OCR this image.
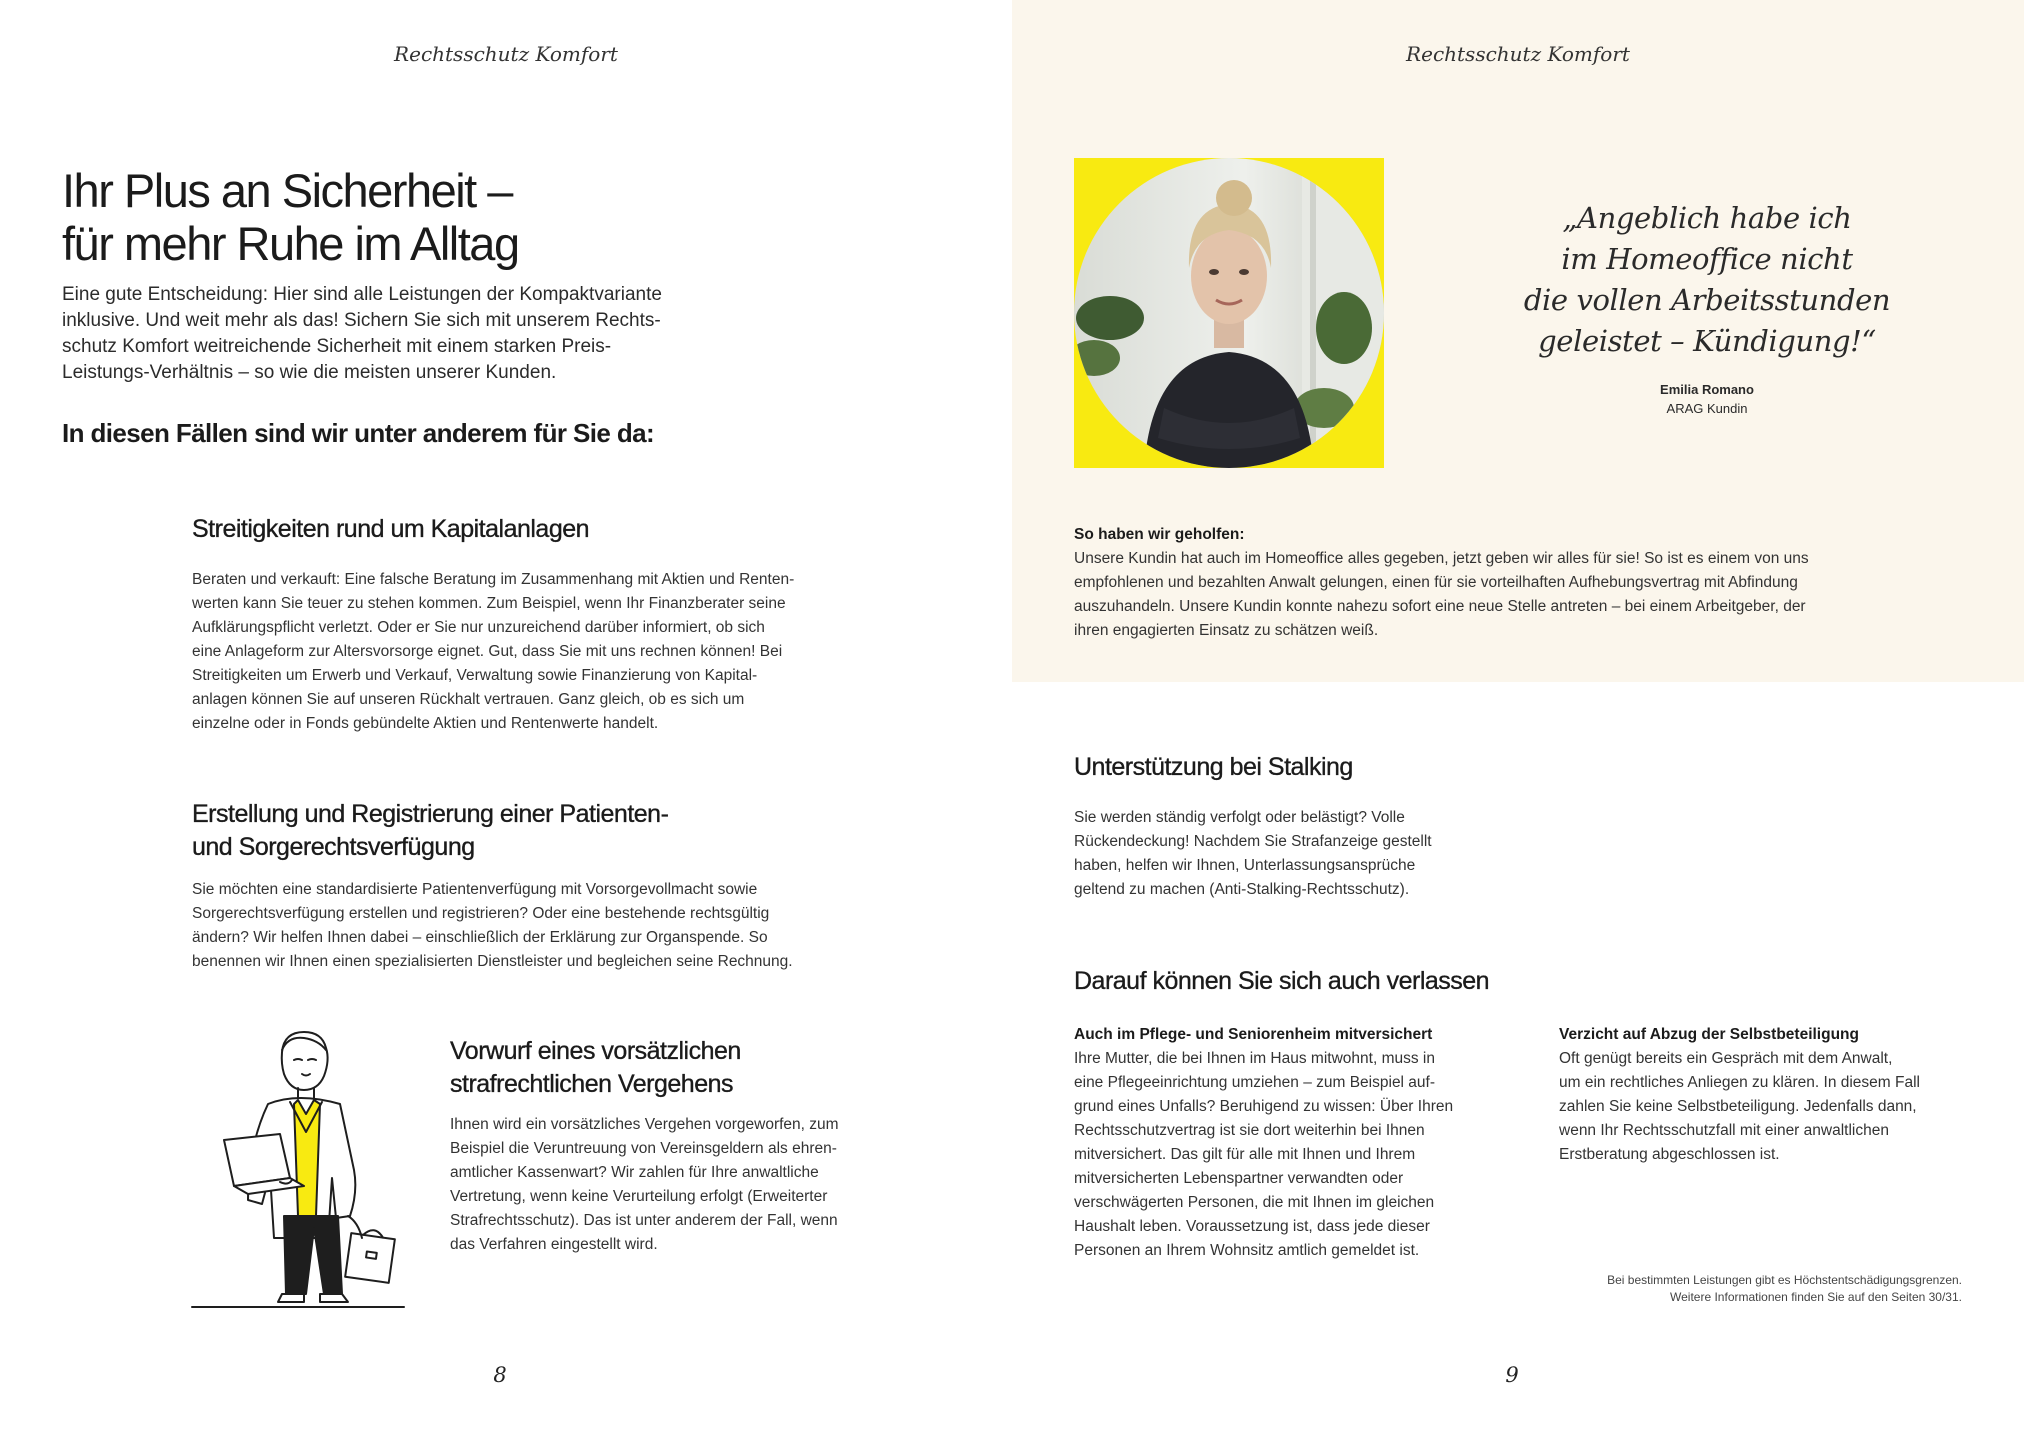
Rechtsschutz Komfort
Ihr Plus an Sicherheit –
für mehr Ruhe im Alltag

Eine gute Entscheidung: Hier sind alle Leistungen der Kompaktvariante
inklusive. Und weit mehr als das! Sichern Sie sich mit unserem Rechts-
schutz Komfort weitreichende Sicherheit mit einem starken Preis-
Leistungs-Verhältnis – so wie die meisten unserer Kunden.

In diesen Fällen sind wir unter anderem für Sie da:
Streitigkeiten rund um Kapitalanlagen

Beraten und verkauft: Eine falsche Beratung im Zusammenhang mit Aktien und Renten-
werten kann Sie teuer zu stehen kommen. Zum Beispiel, wenn Ihr Finanzberater seine
Aufklärungspflicht verletzt. Oder er Sie nur unzureichend darüber informiert, ob sich
eine Anlageform zur Altersvorsorge eignet. Gut, dass Sie mit uns rechnen können! Bei
Streitigkeiten um Erwerb und Verkauf, Verwaltung sowie Finanzierung von Kapital-
anlagen können Sie auf unseren Rückhalt vertrauen. Ganz gleich, ob es sich um
einzelne oder in Fonds gebündelte Aktien und Rentenwerte handelt.

Erstellung und Registrierung einer Patienten-
und Sorgerechtsverfügung

Sie möchten eine standardisierte Patientenverfügung mit Vorsorgevollmacht sowie
Sorgerechtsverfügung erstellen und registrieren? Oder eine bestehende rechtsgültig
ändern? Wir helfen Ihnen dabei – einschließlich der Erklärung zur Organspende. So
benennen wir Ihnen einen spezialisierten Dienstleister und begleichen seine Rechnung.

Vorwurf eines vorsätzlichen
strafrechtlichen Vergehens

Ihnen wird ein vorsätzliches Vergehen vorgeworfen, zum
Beispiel die Veruntreuung von Vereinsgeldern als ehren-
amtlicher Kassenwart? Wir zahlen für Ihre anwaltliche
Vertretung, wenn keine Verurteilung erfolgt (Erweiterter
Strafrechtsschutz). Das ist unter anderem der Fall, wenn
das Verfahren eingestellt wird.

8
Rechtsschutz Komfort

„Angeblich habe ich
im Homeoffice nicht
die vollen Arbeitsstunden
geleistet – Kündigung!“

Emilia Romano
ARAG Kundin

So haben wir geholfen:
Unsere Kundin hat auch im Homeoffice alles gegeben, jetzt geben wir alles für sie! So ist es einem von uns
empfohlenen und bezahlten Anwalt gelungen, einen für sie vorteilhaften Aufhebungsvertrag mit Abfindung
auszuhandeln. Unsere Kundin konnte nahezu sofort eine neue Stelle antreten – bei einem Arbeitgeber, der
ihren engagierten Einsatz zu schätzen weiß.

Unterstützung bei Stalking

Sie werden ständig verfolgt oder belästigt? Volle
Rückendeckung! Nachdem Sie Strafanzeige gestellt
haben, helfen wir Ihnen, Unterlassungsansprüche
geltend zu machen (Anti-Stalking-Rechtsschutz).

Darauf können Sie sich auch verlassen

Auch im Pflege- und Seniorenheim mitversichert

Ihre Mutter, die bei Ihnen im Haus mitwohnt, muss in
eine Pflegeeinrichtung umziehen – zum Beispiel auf-
grund eines Unfalls? Beruhigend zu wissen: Über Ihren
Rechtsschutzvertrag ist sie dort weiterhin bei Ihnen
mitversichert. Das gilt für alle mit Ihnen und Ihrem
mitversicherten Lebenspartner verwandten oder
verschwägerten Personen, die mit Ihnen im gleichen
Haushalt leben. Voraussetzung ist, dass jede dieser
Personen an Ihrem Wohnsitz amtlich gemeldet ist.

Verzicht auf Abzug der Selbstbeteiligung

Oft genügt bereits ein Gespräch mit dem Anwalt,
um ein rechtliches Anliegen zu klären. In diesem Fall
zahlen Sie keine Selbstbeteiligung. Jedenfalls dann,
wenn Ihr Rechtsschutzfall mit einer anwaltlichen
Erstberatung abgeschlossen ist.

Bei bestimmten Leistungen gibt es Höchstentschädigungsgrenzen.
Weitere Informationen finden Sie auf den Seiten 30/31.
9
